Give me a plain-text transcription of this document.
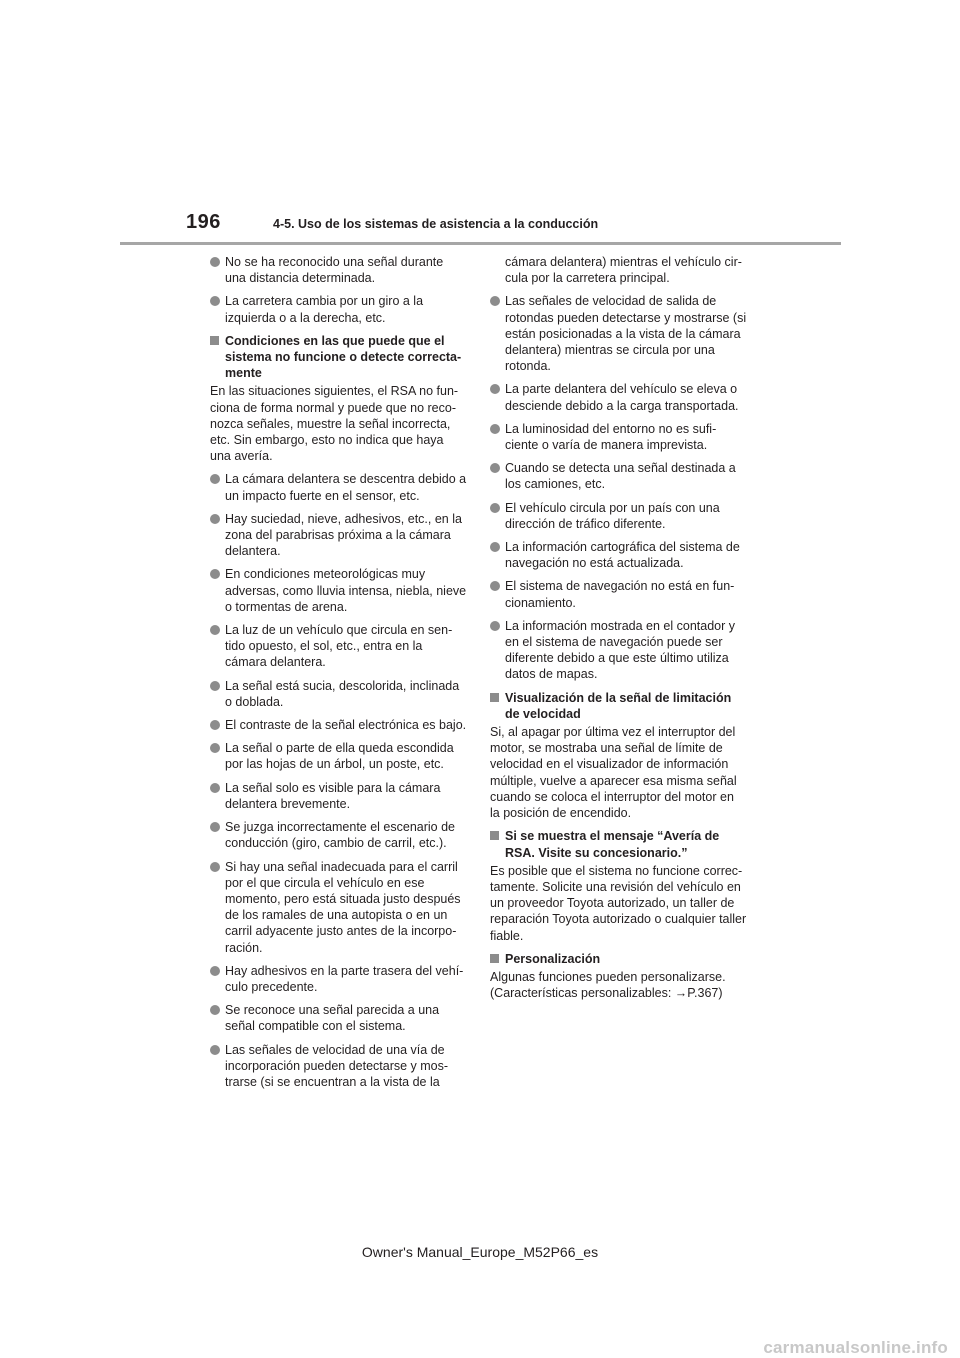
196	4-5. Uso de los sistemas de asistencia a la conducción
No se ha reconocido una señal durante una distancia determinada.
La carretera cambia por un giro a la izquierda o a la derecha, etc.
Condiciones en las que puede que el sistema no funcione o detecte correcta-mente
En las situaciones siguientes, el RSA no fun-ciona de forma normal y puede que no reco-nozca señales, muestre la señal incorrecta, etc. Sin embargo, esto no indica que haya una avería.
La cámara delantera se descentra debido a un impacto fuerte en el sensor, etc.
Hay suciedad, nieve, adhesivos, etc., en la zona del parabrisas próxima a la cámara delantera.
En condiciones meteorológicas muy adversas, como lluvia intensa, niebla, nieve o tormentas de arena.
La luz de un vehículo que circula en sen-tido opuesto, el sol, etc., entra en la cámara delantera.
La señal está sucia, descolorida, inclinada o doblada.
El contraste de la señal electrónica es bajo.
La señal o parte de ella queda escondida por las hojas de un árbol, un poste, etc.
La señal solo es visible para la cámara delantera brevemente.
Se juzga incorrectamente el escenario de conducción (giro, cambio de carril, etc.).
Si hay una señal inadecuada para el carril por el que circula el vehículo en ese momento, pero está situada justo después de los ramales de una autopista o en un carril adyacente justo antes de la incorpo-ración.
Hay adhesivos en la parte trasera del vehí-culo precedente.
Se reconoce una señal parecida a una señal compatible con el sistema.
Las señales de velocidad de una vía de incorporación pueden detectarse y mos-trarse (si se encuentran a la vista de la
cámara delantera) mientras el vehículo cir-cula por la carretera principal.
Las señales de velocidad de salida de rotondas pueden detectarse y mostrarse (si están posicionadas a la vista de la cámara delantera) mientras se circula por una rotonda.
La parte delantera del vehículo se eleva o desciende debido a la carga transportada.
La luminosidad del entorno no es sufi-ciente o varía de manera imprevista.
Cuando se detecta una señal destinada a los camiones, etc.
El vehículo circula por un país con una dirección de tráfico diferente.
La información cartográfica del sistema de navegación no está actualizada.
El sistema de navegación no está en fun-cionamiento.
La información mostrada en el contador y en el sistema de navegación puede ser diferente debido a que este último utiliza datos de mapas.
Visualización de la señal de limitación de velocidad
Si, al apagar por última vez el interruptor del motor, se mostraba una señal de límite de velocidad en el visualizador de información múltiple, vuelve a aparecer esa misma señal cuando se coloca el interruptor del motor en la posición de encendido.
Si se muestra el mensaje “Avería de RSA. Visite su concesionario.”
Es posible que el sistema no funcione correc-tamente. Solicite una revisión del vehículo en un proveedor Toyota autorizado, un taller de reparación Toyota autorizado o cualquier taller fiable.
Personalización
Algunas funciones pueden personalizarse. (Características personalizables: →P.367)
Owner's Manual_Europe_M52P66_es
carmanualsonline.info
